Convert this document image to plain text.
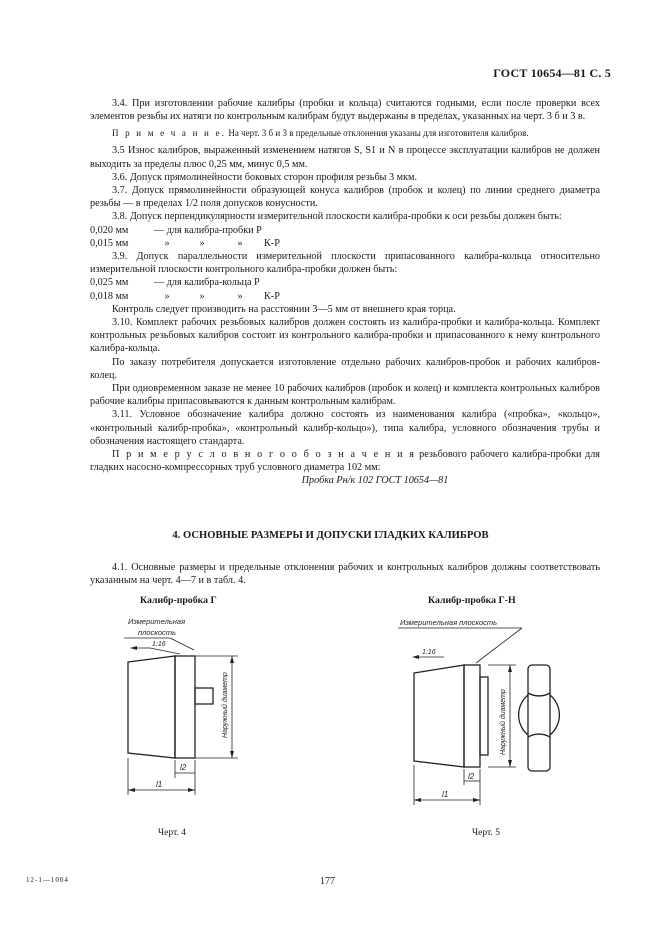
ГОСТ 10654—81 С. 5

3.4. При изготовлении рабочие калибры (пробки и кольца) считаются годными, если после проверки всех элементов резьбы их натяги по контрольным калибрам будут выдержаны в пределах, указанных на черт. 3 б и 3 в.

П р и м е ч а н и е. На черт. 3 б и 3 в предельные отклонения указаны для изготовителя калибров.

3.5 Износ калибров, выраженный изменением натягов S, S1 и N в процессе эксплуатации калибров не должен выходить за пределы плюс 0,25 мм, минус 0,5 мм.

3.6. Допуск прямолинейности боковых сторон профиля резьбы 3 мкм.

3.7. Допуск прямолинейности образующей конуса калибров (пробок и колец) по линии среднего диаметра резьбы — в пределах 1/2 поля допусков конусности.

3.8. Допуск перпендикулярности измерительной плоскости калибра-пробки к оси резьбы должен быть:

0,020 мм	— для калибра-пробки Р
0,015 мм	»	»	»	К-Р

3.9. Допуск параллельности измерительной плоскости припасованного калибра-кольца относительно измерительной плоскости контрольного калибра-пробки должен быть:

0,025 мм	— для калибра-кольца Р
0,018 мм	»	»	»	К-Р

Контроль следует производить на расстоянии 3—5 мм от внешнего края торца.

3.10. Комплект рабочих резьбовых калибров должен состоять из калибра-пробки и калибра-кольца. Комплект контрольных резьбовых калибров состоит из контрольного калибра-пробки и припасованного к нему контрольного калибра-кольца.

По заказу потребителя допускается изготовление отдельно рабочих калибров-пробок и рабочих калибров-колец.

При одновременном заказе не менее 10 рабочих калибров (пробок и колец) и комплекта контрольных калибров рабочие калибры припасовываются к данным контрольным калибрам.

3.11. Условное обозначение калибра должно состоять из наименования калибра («пробка», «кольцо», «контрольный калибр-пробка», «контрольный калибр-кольцо»), типа калибра, условного обозначения трубы и обозначения настоящего стандарта.

П р и м е р у с л о в н о г о о б о з н а ч е н и я резьбового рабочего калибра-пробки для гладких насосно-компрессорных труб условного диаметра 102 мм:

Пробка Рн/к 102 ГОСТ 10654—81

4. ОСНОВНЫЕ РАЗМЕРЫ И ДОПУСКИ ГЛАДКИХ КАЛИБРОВ

4.1. Основные размеры и предельные отклонения рабочих и контрольных калибров должны соответствовать указанным на черт. 4—7 и в табл. 4.

Калибр-пробка Г
Измерительная
плоскость
1:16
Наружный диаметр
l2
l1
Черт. 4
Калибр-пробка Г-Н
Измерительная плоскость
1:16
Наружный диаметр
l2
l1
Черт. 5
12-1—1004	177
